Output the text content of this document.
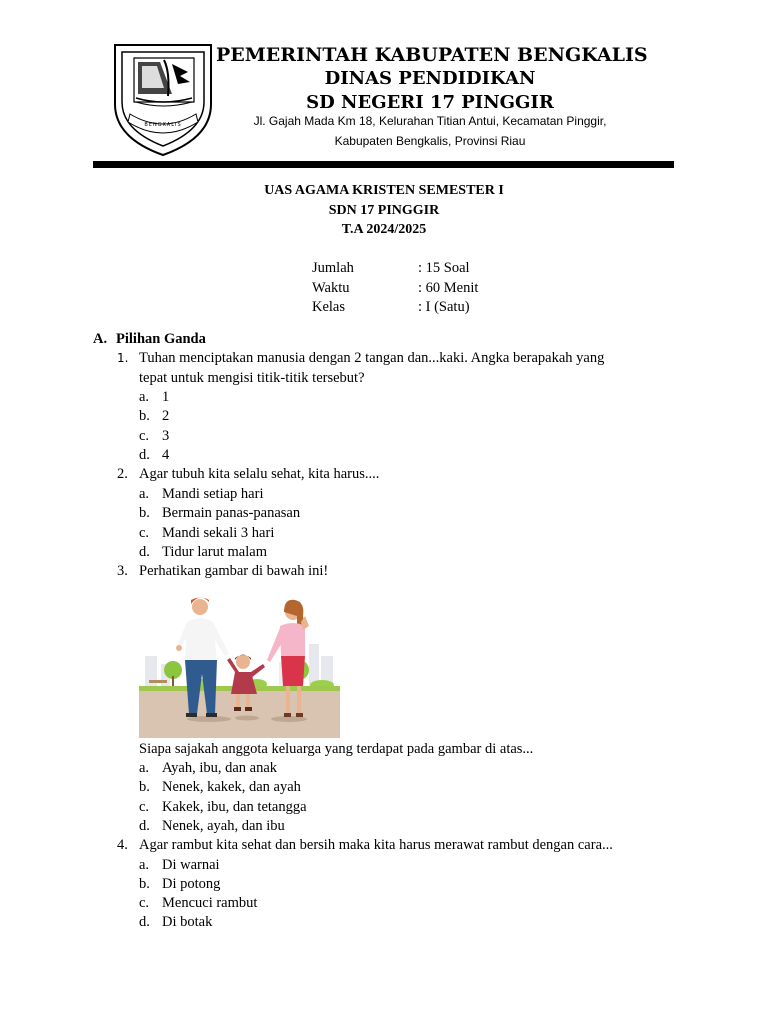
BENGKALIS
PEMERINTAH KABUPATEN BENGKALIS
DINAS PENDIDIKAN
SD NEGERI 17 PINGGIR
Jl. Gajah Mada Km 18, Kelurahan Titian Antui, Kecamatan Pinggir,
Kabupaten Bengkalis, Provinsi Riau
UAS AGAMA KRISTEN SEMESTER I
SDN 17 PINGGIR
T.A 2024/2025
Jumlah	: 15 Soal
Waktu	: 60 Menit
Kelas	: I (Satu)
A. Pilihan Ganda
1. Tuhan menciptakan manusia dengan 2 tangan dan...kaki. Angka berapakah yang
tepat untuk mengisi titik-titik tersebut?
a. 1
b. 2
c. 3
d. 4
2. Agar tubuh kita selalu sehat, kita harus....
a. Mandi setiap hari
b. Bermain panas-panasan
c. Mandi sekali 3 hari
d. Tidur larut malam
3. Perhatikan gambar di bawah ini!
Siapa sajakah anggota keluarga yang terdapat pada gambar di atas...
a. Ayah, ibu, dan anak
b. Nenek, kakek, dan ayah
c. Kakek, ibu, dan tetangga
d. Nenek, ayah, dan ibu
4. Agar rambut kita sehat dan bersih maka kita harus merawat rambut dengan cara...
a. Di warnai
b. Di potong
c. Mencuci rambut
d. Di botak
